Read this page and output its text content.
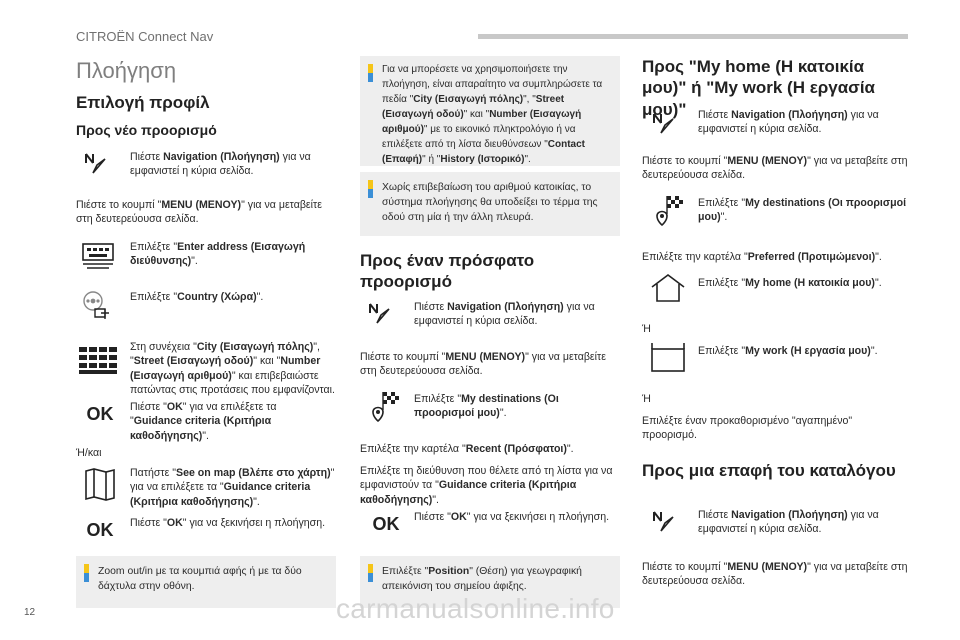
CITROËN Connect Nav
Πλοήγηση
Επιλογή προφίλ
Προς νέο προορισμό
Πιέστε Navigation (Πλοήγηση) για να εμφανιστεί η κύρια σελίδα.
Πιέστε το κουμπί "MENU (ΜΕΝΟΥ)" για να μεταβείτε στη δευτερεύουσα σελίδα.
Επιλέξτε "Enter address (Εισαγωγή διεύθυνσης)".
Επιλέξτε "Country (Χώρα)".
Στη συνέχεια "City (Εισαγωγή πόλης)", "Street (Εισαγωγή οδού)" και "Number (Εισαγωγή αριθμού)" και επιβεβαιώστε πατώντας στις προτάσεις που εμφανίζονται.
OK	Πιέστε "OK" για να επιλέξετε τα "Guidance criteria (Κριτήρια καθοδήγησης)".
Ή/και
Πατήστε "See on map (Βλέπε στο χάρτη)" για να επιλέξετε τα "Guidance criteria (Κριτήρια καθοδήγησης)".
OK	Πιέστε "OK" για να ξεκινήσει η πλοήγηση.
Zoom out/in με τα κουμπιά αφής ή με τα δύο δάχτυλα στην οθόνη.
Για να μπορέσετε να χρησιμοποιήσετε την πλοήγηση, είναι απαραίτητο να συμπληρώσετε τα πεδία "City (Εισαγωγή πόλης)", "Street (Εισαγωγή οδού)" και "Number (Εισαγωγή αριθμού)" με το εικονικό πληκτρολόγιο ή να επιλέξετε από τη λίστα διευθύνσεων "Contact (Επαφή)" ή "History (Ιστορικό)".
Χωρίς επιβεβαίωση του αριθμού κατοικίας, το σύστημα πλοήγησης θα υποδείξει το τέρμα της οδού στη μία ή την άλλη πλευρά.
Προς έναν πρόσφατο προορισμό
Πιέστε Navigation (Πλοήγηση) για να εμφανιστεί η κύρια σελίδα.
Πιέστε το κουμπί "MENU (ΜΕΝΟΥ)" για να μεταβείτε στη δευτερεύουσα σελίδα.
Επιλέξτε "My destinations (Οι προορισμοί μου)".
Επιλέξτε την καρτέλα "Recent (Πρόσφατοι)".
Επιλέξτε τη διεύθυνση που θέλετε από τη λίστα για να εμφανιστούν τα "Guidance criteria (Κριτήρια καθοδήγησης)".
OK	Πιέστε "OK" για να ξεκινήσει η πλοήγηση.
Επιλέξτε "Position" (Θέση) για γεωγραφική απεικόνιση του σημείου άφιξης.
Προς "My home (Η κατοικία μου)" ή "My work (Η εργασία μου)"	Πιέστε Navigation (Πλοήγηση) για να εμφανιστεί η κύρια σελίδα.
Πιέστε το κουμπί "MENU (ΜΕΝΟΥ)" για να μεταβείτε στη δευτερεύουσα σελίδα.
Επιλέξτε "My destinations (Οι προορισμοί μου)".
Επιλέξτε την καρτέλα "Preferred (Προτιμώμενοι)".
Επιλέξτε "My home (Η κατοικία μου)".
Ή
Επιλέξτε "My work (Η εργασία μου)".
Ή
Επιλέξτε έναν προκαθορισμένο "αγαπημένο" προορισμό.
Προς μια επαφή του καταλόγου
Πιέστε Navigation (Πλοήγηση) για να εμφανιστεί η κύρια σελίδα.
Πιέστε το κουμπί "MENU (ΜΕΝΟΥ)" για να μεταβείτε στη δευτερεύουσα σελίδα.
12	carmanualsonline.info
